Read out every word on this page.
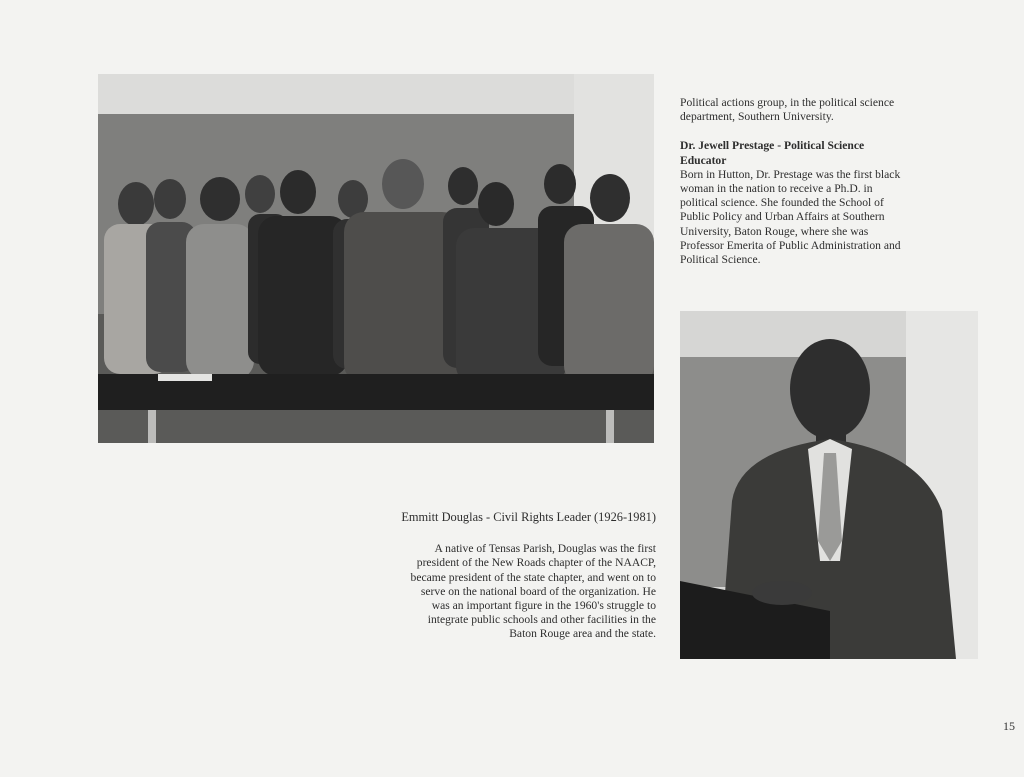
Political actions group, in the political science department, Southern University.

Dr. Jewell Prestage - Political Science Educator

Born in Hutton, Dr. Prestage was the first black woman in the nation to receive a Ph.D. in political science. She founded the School of Public Policy and Urban Affairs at Southern University, Baton Rouge, where she was Professor Emerita of Public Administration and Political Science.

Emmitt Douglas - Civil Rights Leader (1926-1981)

A native of Tensas Parish, Douglas was the first president of the New Roads chapter of the NAACP, became president of the state chapter, and went on to serve on the national board of the organization. He was an important figure in the 1960's struggle to integrate public schools and other facilities in the Baton Rouge area and the state.

15
